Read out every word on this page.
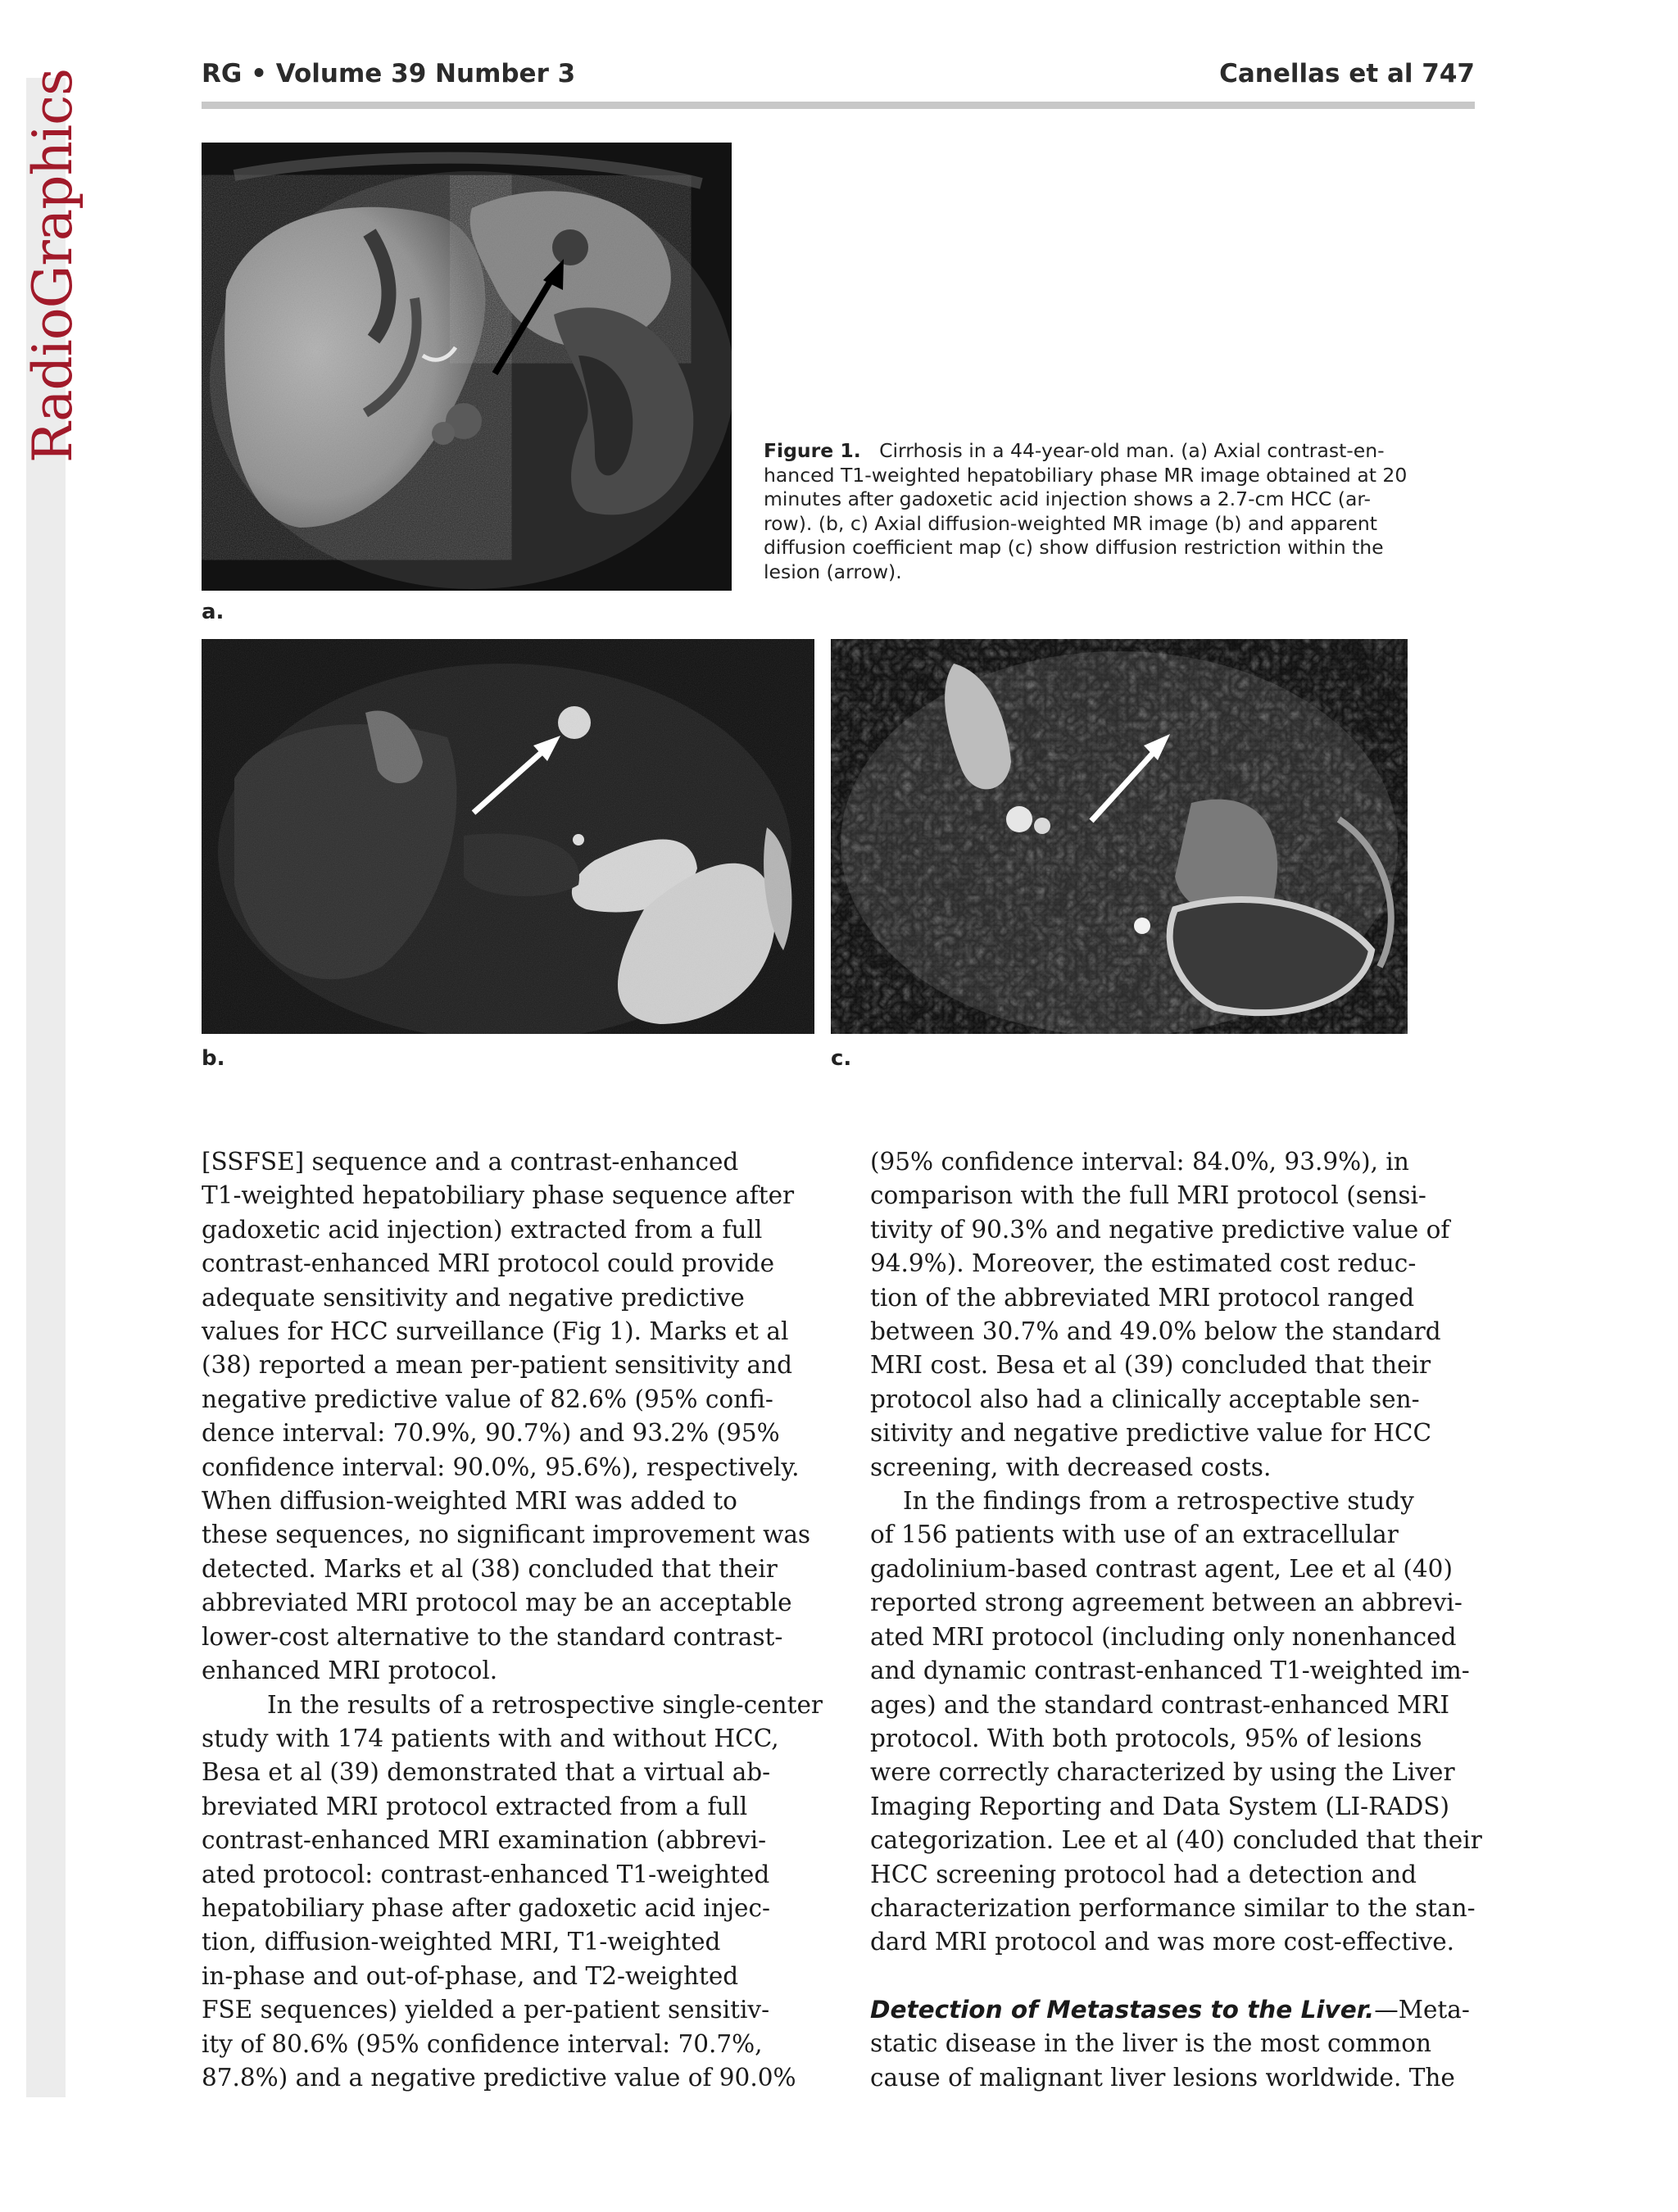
RadioGraphics	RG • Volume 39 Number 3	Canellas et al 747
a.
Figure 1. Cirrhosis in a 44-year-old man. (a) Axial contrast-en-
hanced T1-weighted hepatobiliary phase MR image obtained at 20
minutes after gadoxetic acid injection shows a 2.7-cm HCC (ar-
row). (b, c) Axial diffusion-weighted MR image (b) and apparent
diffusion coefficient map (c) show diffusion restriction within the
lesion (arrow).
b.	c.
[SSFSE] sequence and a contrast-enhanced
T1-weighted hepatobiliary phase sequence after
gadoxetic acid injection) extracted from a full
contrast-enhanced MRI protocol could provide
adequate sensitivity and negative predictive
values for HCC surveillance (Fig 1). Marks et al
(38) reported a mean per-patient sensitivity and
negative predictive value of 82.6% (95% confi-
dence interval: 70.9%, 90.7%) and 93.2% (95%
confidence interval: 90.0%, 95.6%), respectively.
When diffusion-weighted MRI was added to
these sequences, no significant improvement was
detected. Marks et al (38) concluded that their
abbreviated MRI protocol may be an acceptable
lower-cost alternative to the standard contrast-
enhanced MRI protocol.
In the results of a retrospective single-center
study with 174 patients with and without HCC,
Besa et al (39) demonstrated that a virtual ab-
breviated MRI protocol extracted from a full
contrast-enhanced MRI examination (abbrevi-
ated protocol: contrast-enhanced T1-weighted
hepatobiliary phase after gadoxetic acid injec-
tion, diffusion-weighted MRI, T1-weighted
in-phase and out-of-phase, and T2-weighted
FSE sequences) yielded a per-patient sensitiv-
ity of 80.6% (95% confidence interval: 70.7%,
87.8%) and a negative predictive value of 90.0%
(95% confidence interval: 84.0%, 93.9%), in
comparison with the full MRI protocol (sensi-
tivity of 90.3% and negative predictive value of
94.9%). Moreover, the estimated cost reduc-
tion of the abbreviated MRI protocol ranged
between 30.7% and 49.0% below the standard
MRI cost. Besa et al (39) concluded that their
protocol also had a clinically acceptable sen-
sitivity and negative predictive value for HCC
screening, with decreased costs.
In the findings from a retrospective study
of 156 patients with use of an extracellular
gadolinium-based contrast agent, Lee et al (40)
reported strong agreement between an abbrevi-
ated MRI protocol (including only nonenhanced
and dynamic contrast-enhanced T1-weighted im-
ages) and the standard contrast-enhanced MRI
protocol. With both protocols, 95% of lesions
were correctly characterized by using the Liver
Imaging Reporting and Data System (LI-RADS)
categorization. Lee et al (40) concluded that their
HCC screening protocol had a detection and
characterization performance similar to the stan-
dard MRI protocol and was more cost-effective.
Detection of Metastases to the Liver.—Meta-
static disease in the liver is the most common
cause of malignant liver lesions worldwide. The
